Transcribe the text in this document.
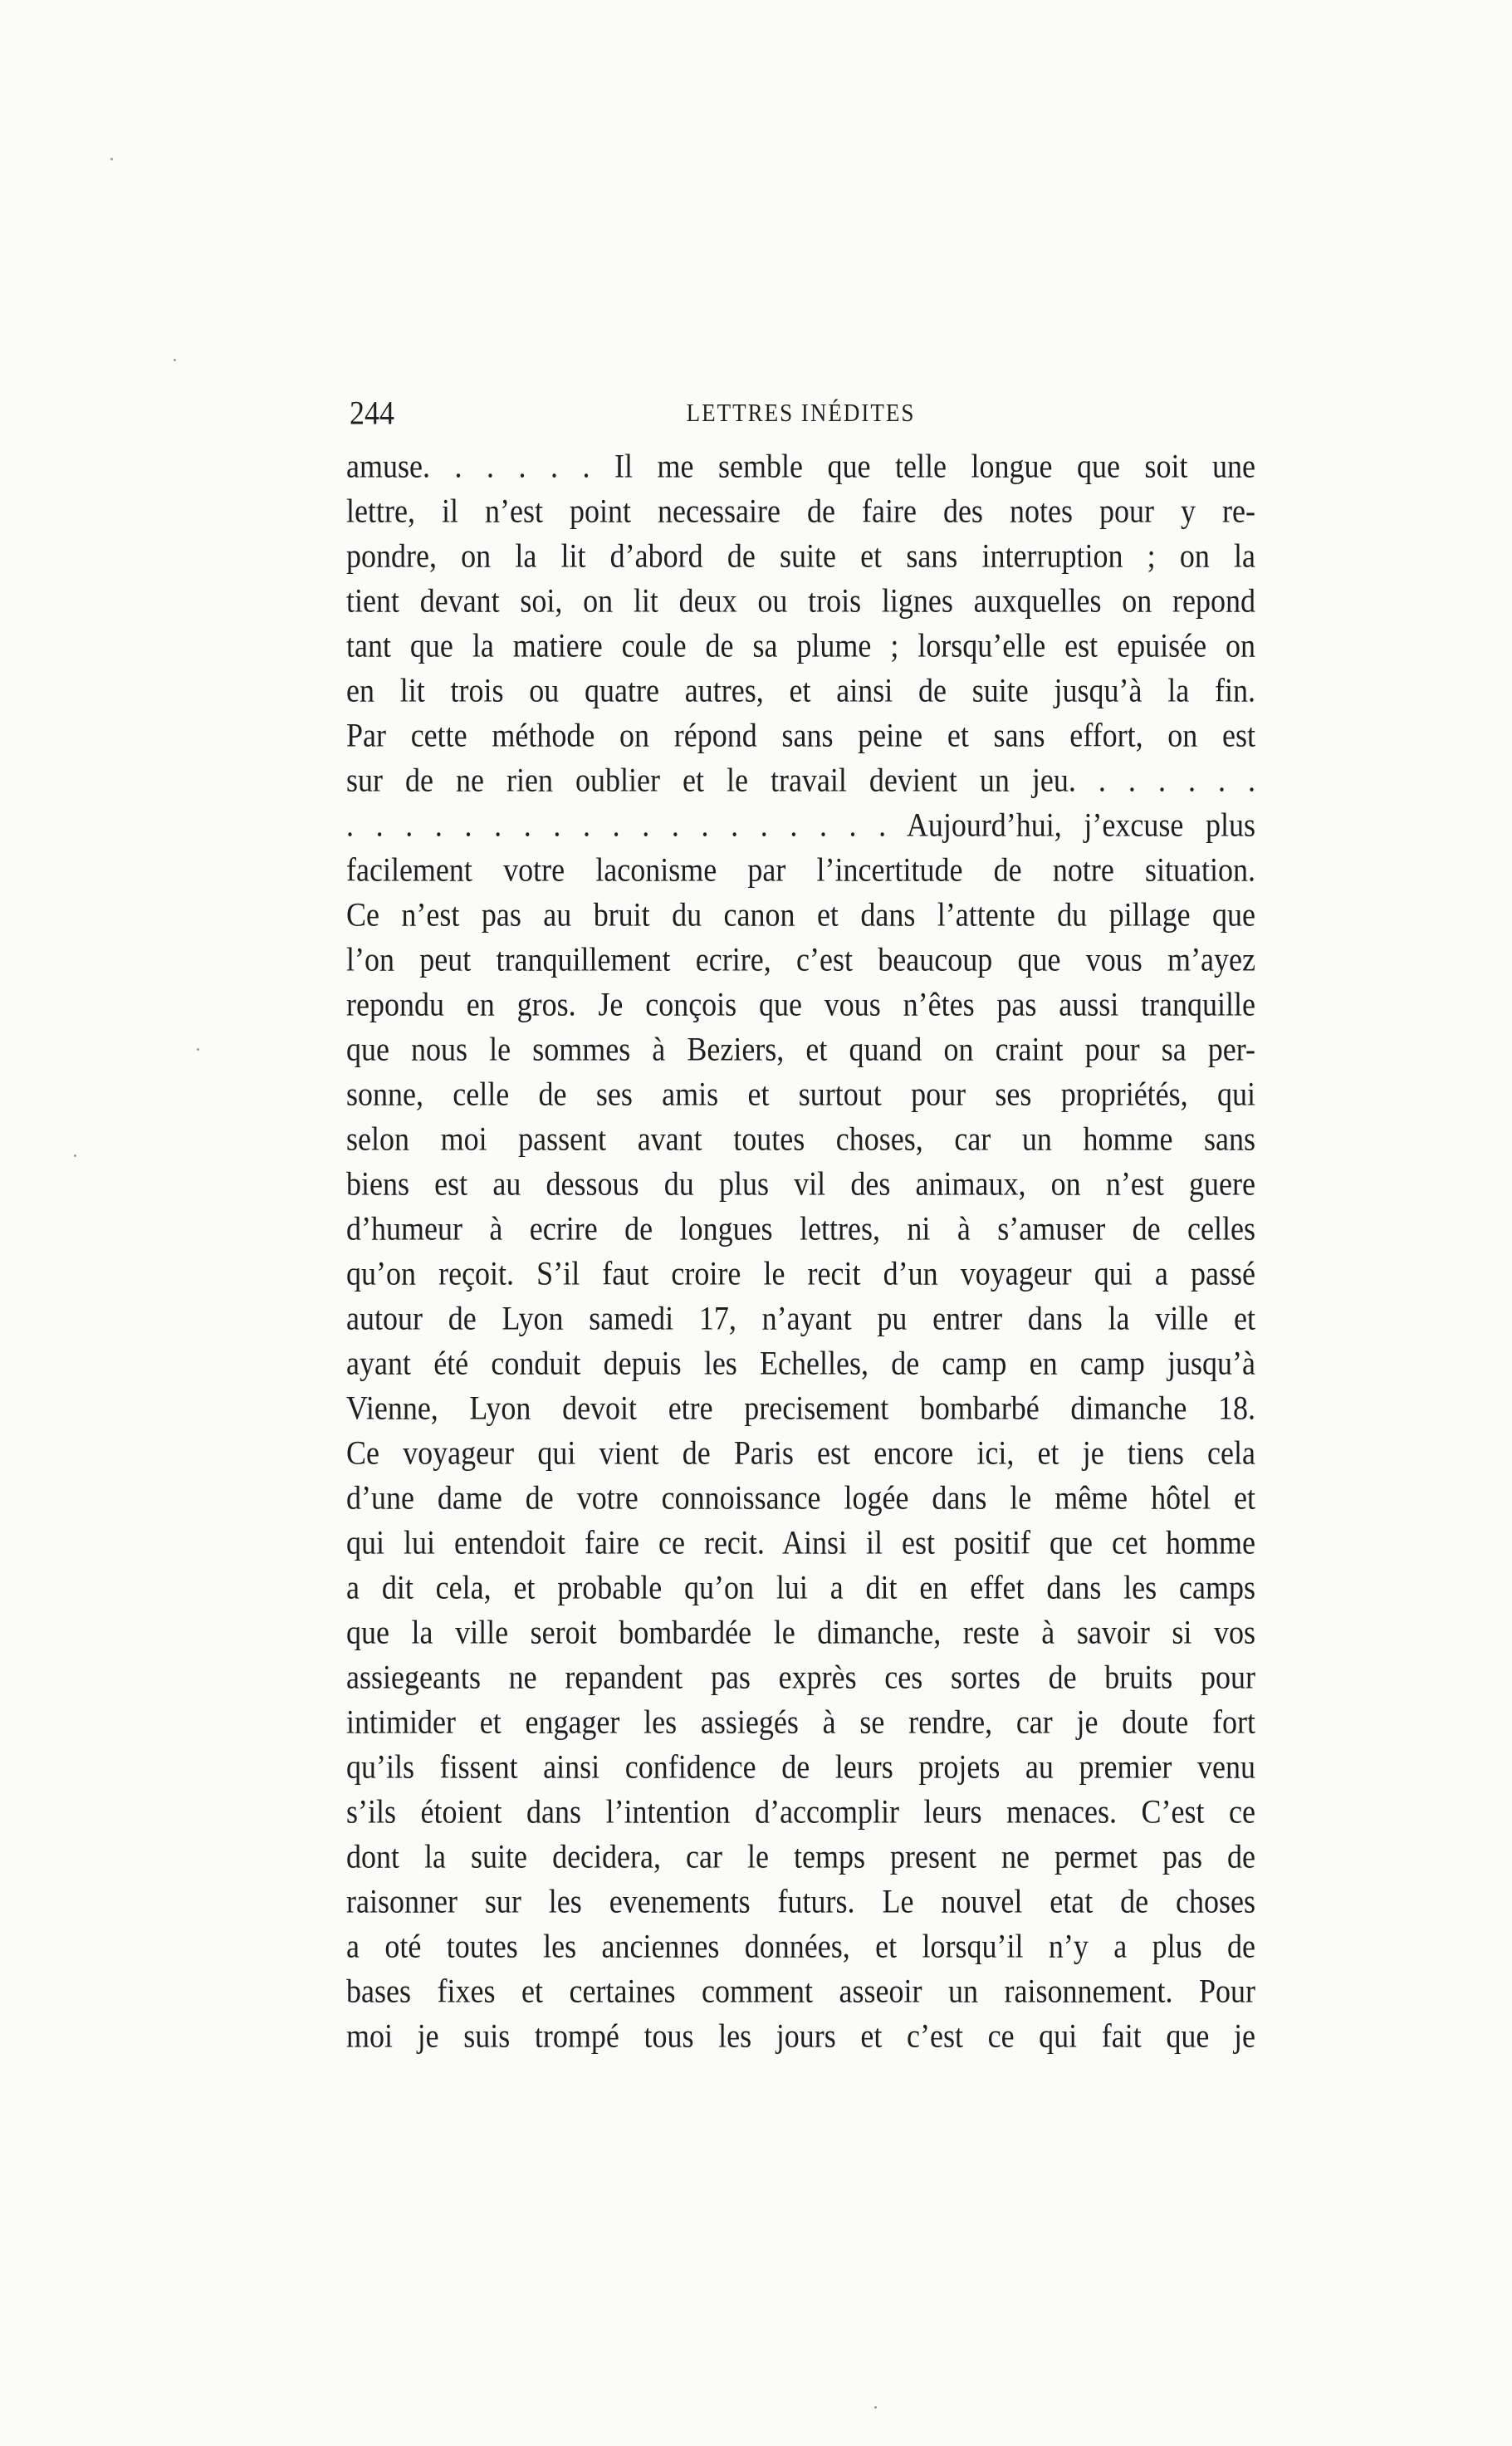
244	LETTRES INÉDITES
amuse. . . . . . Il me semble que telle longue que soit une
lettre, il n’est point necessaire de faire des notes pour y re-
pondre, on la lit d’abord de suite et sans interruption ; on la
tient devant soi, on lit deux ou trois lignes auxquelles on repond
tant que la matiere coule de sa plume ; lorsqu’elle est epuisée on
en lit trois ou quatre autres, et ainsi de suite jusqu’à la fin.
Par cette méthode on répond sans peine et sans effort, on est
sur de ne rien oublier et le travail devient un jeu. . . . . . .
. . . . . . . . . . . . . . . . . . . Aujourd’hui, j’excuse plus
facilement votre laconisme par l’incertitude de notre situation.
Ce n’est pas au bruit du canon et dans l’attente du pillage que
l’on peut tranquillement ecrire, c’est beaucoup que vous m’ayez
repondu en gros. Je conçois que vous n’êtes pas aussi tranquille
que nous le sommes à Beziers, et quand on craint pour sa per-
sonne, celle de ses amis et surtout pour ses propriétés, qui
selon moi passent avant toutes choses, car un homme sans
biens est au dessous du plus vil des animaux, on n’est guere
d’humeur à ecrire de longues lettres, ni à s’amuser de celles
qu’on reçoit. S’il faut croire le recit d’un voyageur qui a passé
autour de Lyon samedi 17, n’ayant pu entrer dans la ville et
ayant été conduit depuis les Echelles, de camp en camp jusqu’à
Vienne, Lyon devoit etre precisement bombarbé dimanche 18.
Ce voyageur qui vient de Paris est encore ici, et je tiens cela
d’une dame de votre connoissance logée dans le même hôtel et
qui lui entendoit faire ce recit. Ainsi il est positif que cet homme
a dit cela, et probable qu’on lui a dit en effet dans les camps
que la ville seroit bombardée le dimanche, reste à savoir si vos
assiegeants ne repandent pas exprès ces sortes de bruits pour
intimider et engager les assiegés à se rendre, car je doute fort
qu’ils fissent ainsi confidence de leurs projets au premier venu
s’ils étoient dans l’intention d’accomplir leurs menaces. C’est ce
dont la suite decidera, car le temps present ne permet pas de
raisonner sur les evenements futurs. Le nouvel etat de choses
a oté toutes les anciennes données, et lorsqu’il n’y a plus de
bases fixes et certaines comment asseoir un raisonnement. Pour
moi je suis trompé tous les jours et c’est ce qui fait que je
